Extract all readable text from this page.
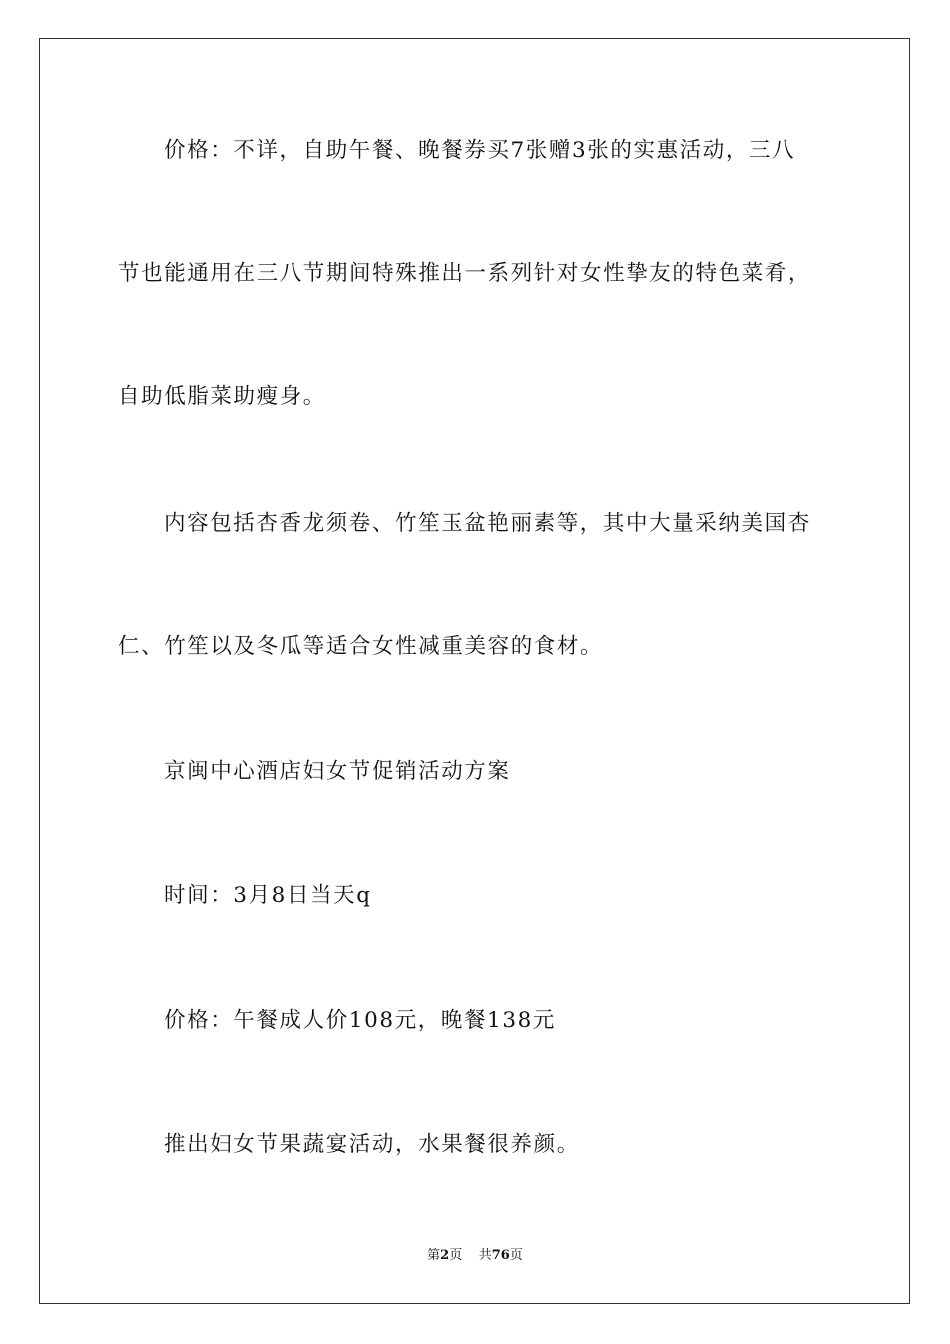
价格：不详，自助午餐、晚餐券买7张赠3张的实惠活动，三八
节也能通用在三八节期间特殊推出一系列针对女性挚友的特色菜肴，
自助低脂菜助瘦身。
内容包括杏香龙须卷、竹笙玉盆艳丽素等，其中大量采纳美国杏
仁、竹笙以及冬瓜等适合女性减重美容的食材。
京闽中心酒店妇女节促销活动方案
时间：3月8日当天q
价格：午餐成人价108元，晚餐138元
推出妇女节果蔬宴活动，水果餐很养颜。
第2页 共76页
